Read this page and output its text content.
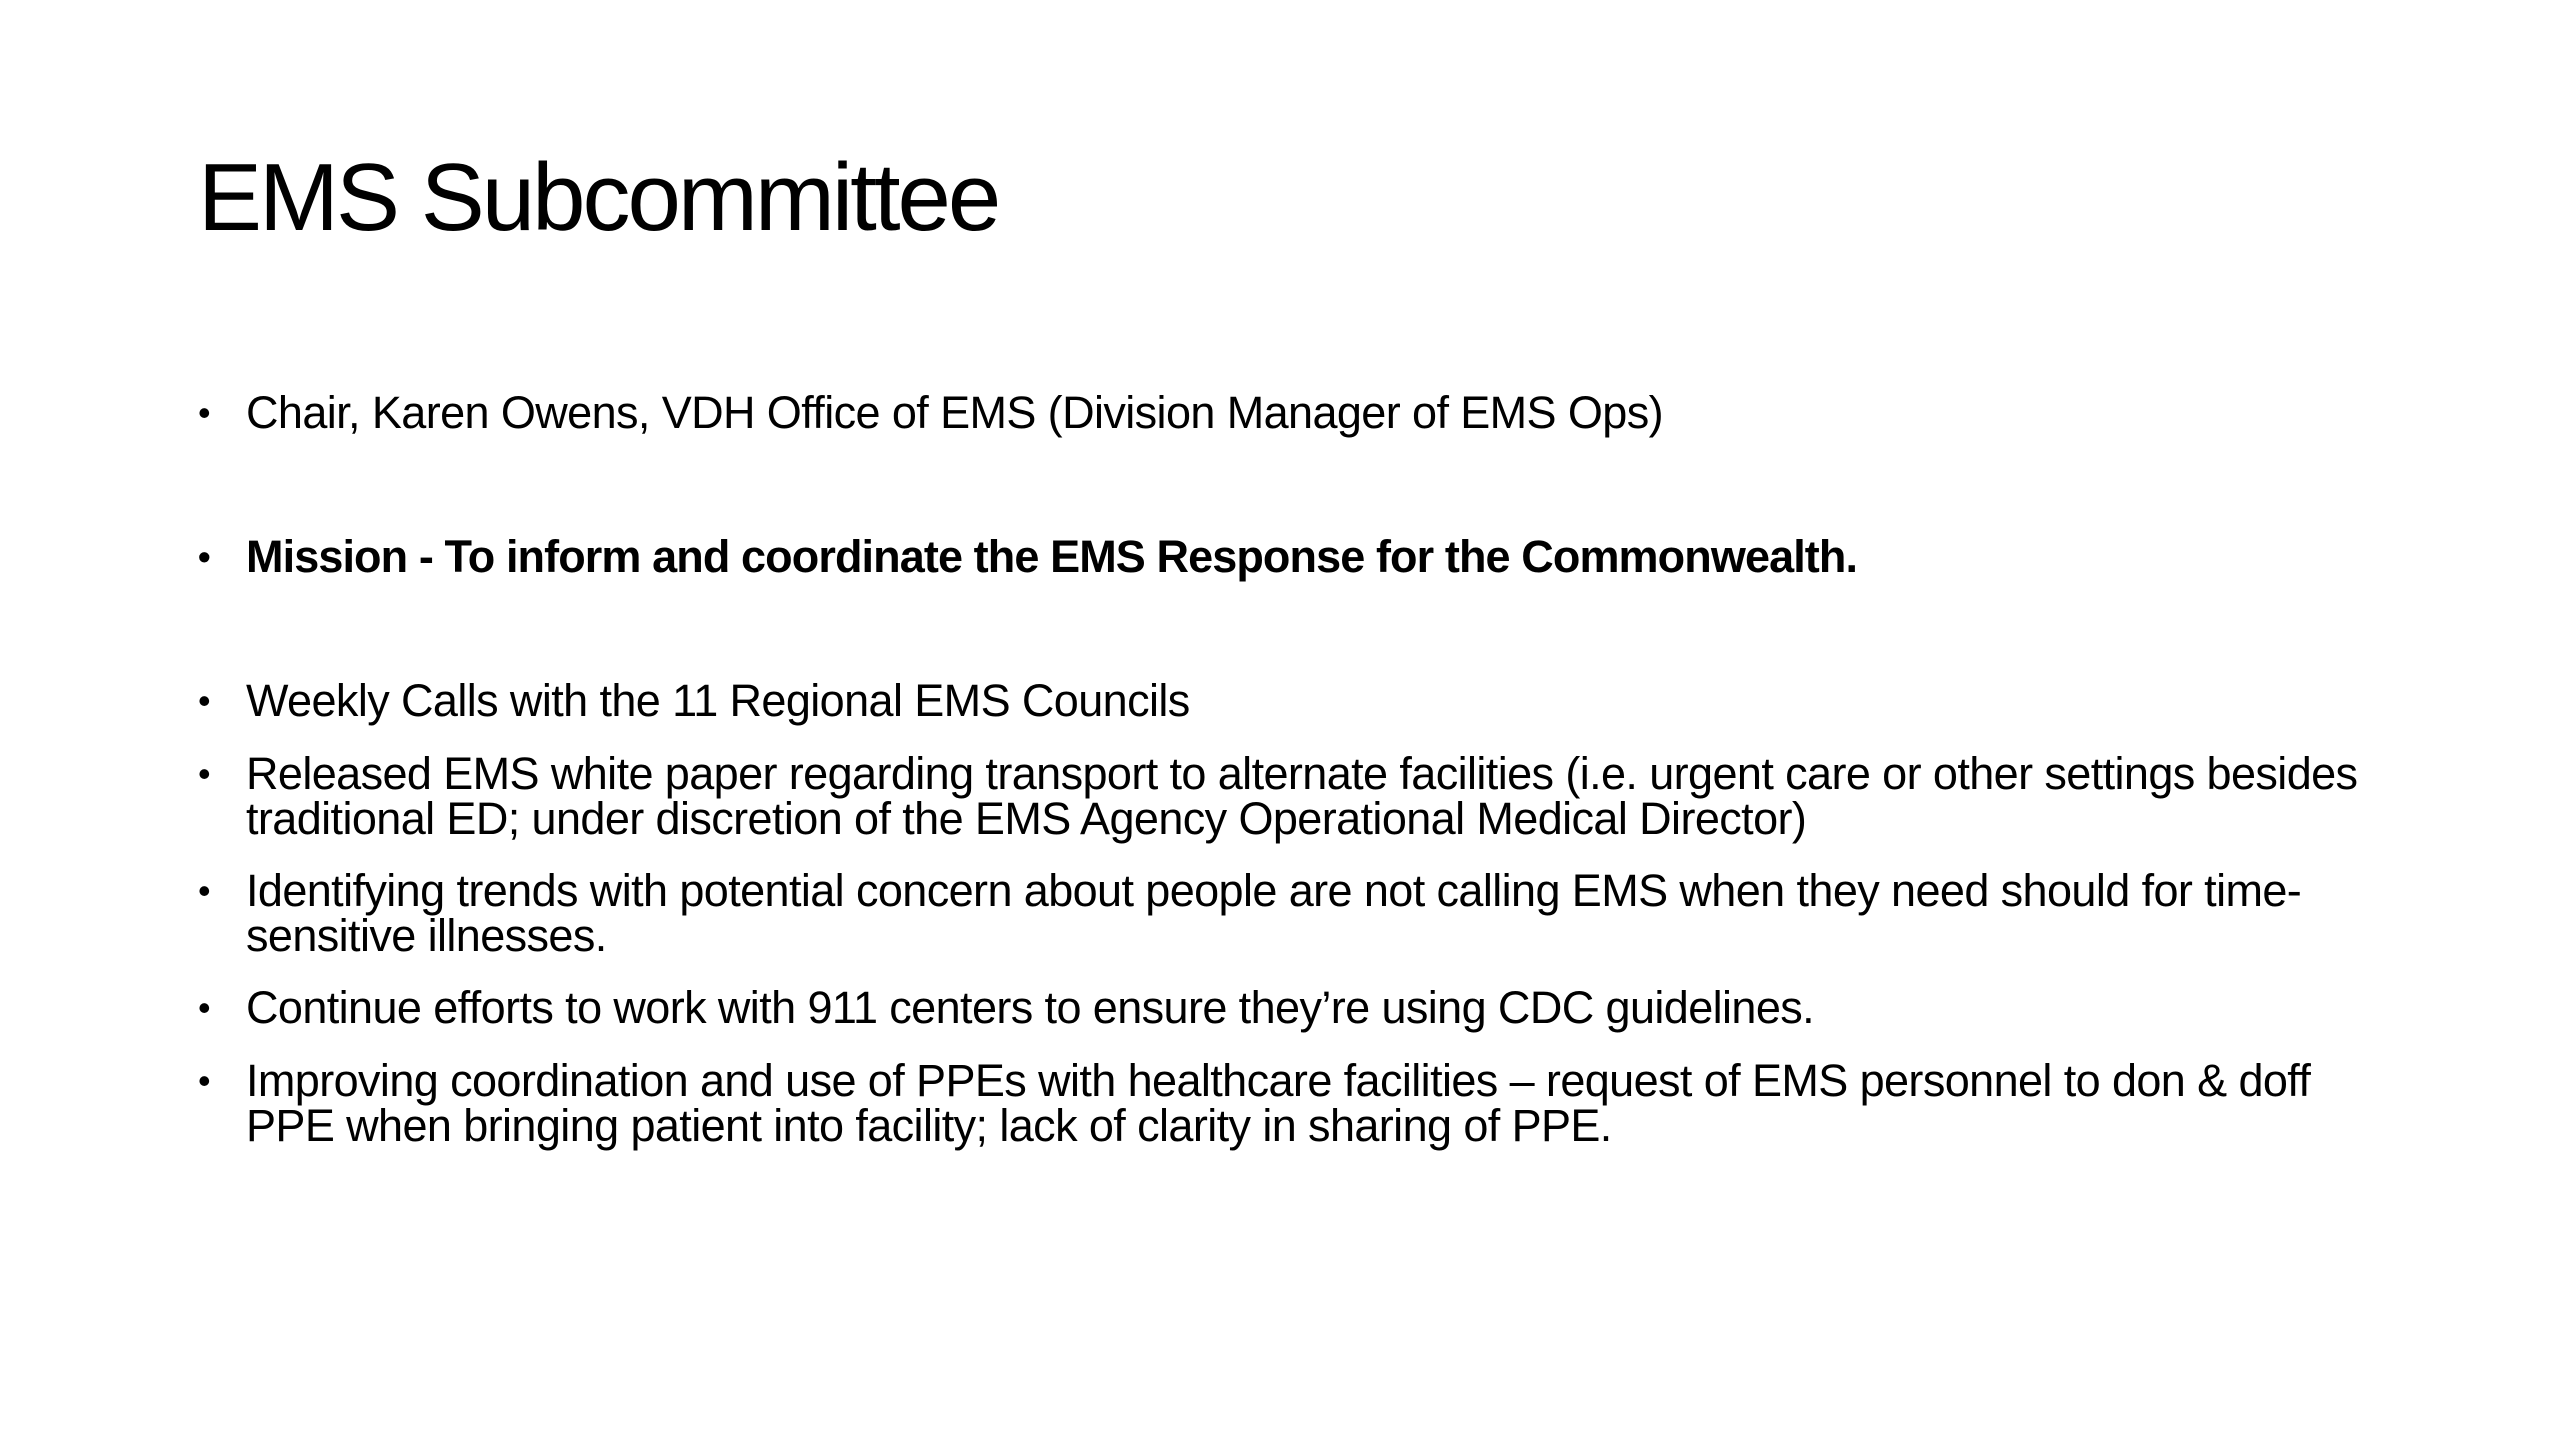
EMS Subcommittee
• Chair, Karen Owens, VDH Office of EMS (Division Manager of EMS Ops)
• Mission - To inform and coordinate the EMS Response for the Commonwealth.
• Weekly Calls with the 11 Regional EMS Councils
• Released EMS white paper regarding transport to alternate facilities (i.e. urgent care or other settings besides traditional ED; under discretion of the EMS Agency Operational Medical Director)
• Identifying trends with potential concern about people are not calling EMS when they need should for time-sensitive illnesses.
• Continue efforts to work with 911 centers to ensure they’re using CDC guidelines.
• Improving coordination and use of PPEs with healthcare facilities – request of EMS personnel to don & doff PPE when bringing patient into facility; lack of clarity in sharing of PPE.
